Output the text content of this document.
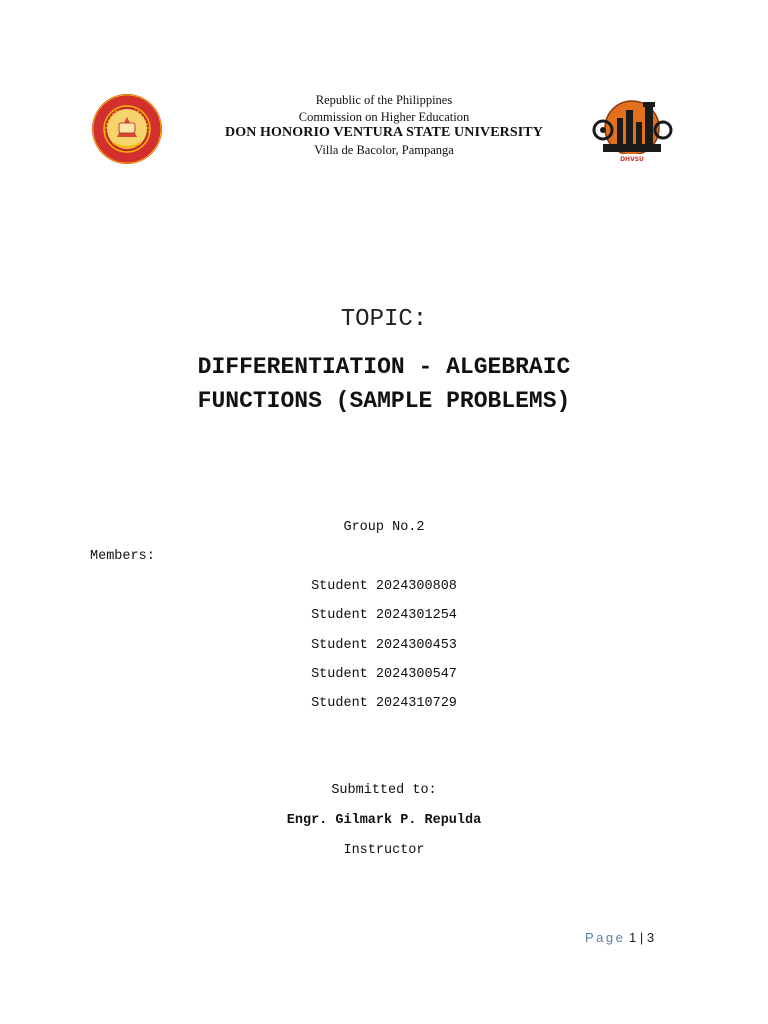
Republic of the Philippines
Commission on Higher Education
DON HONORIO VENTURA STATE UNIVERSITY
Villa de Bacolor, Pampanga
DHVSU
TOPIC:
DIFFERENTIATION - ALGEBRAIC
FUNCTIONS (SAMPLE PROBLEMS)
Group No.2
Members:
Student 2024300808
Student 2024301254
Student 2024300453
Student 2024300547
Student 2024310729
Submitted to:
Engr. Gilmark P. Repulda
Instructor
Page 1 | 3
